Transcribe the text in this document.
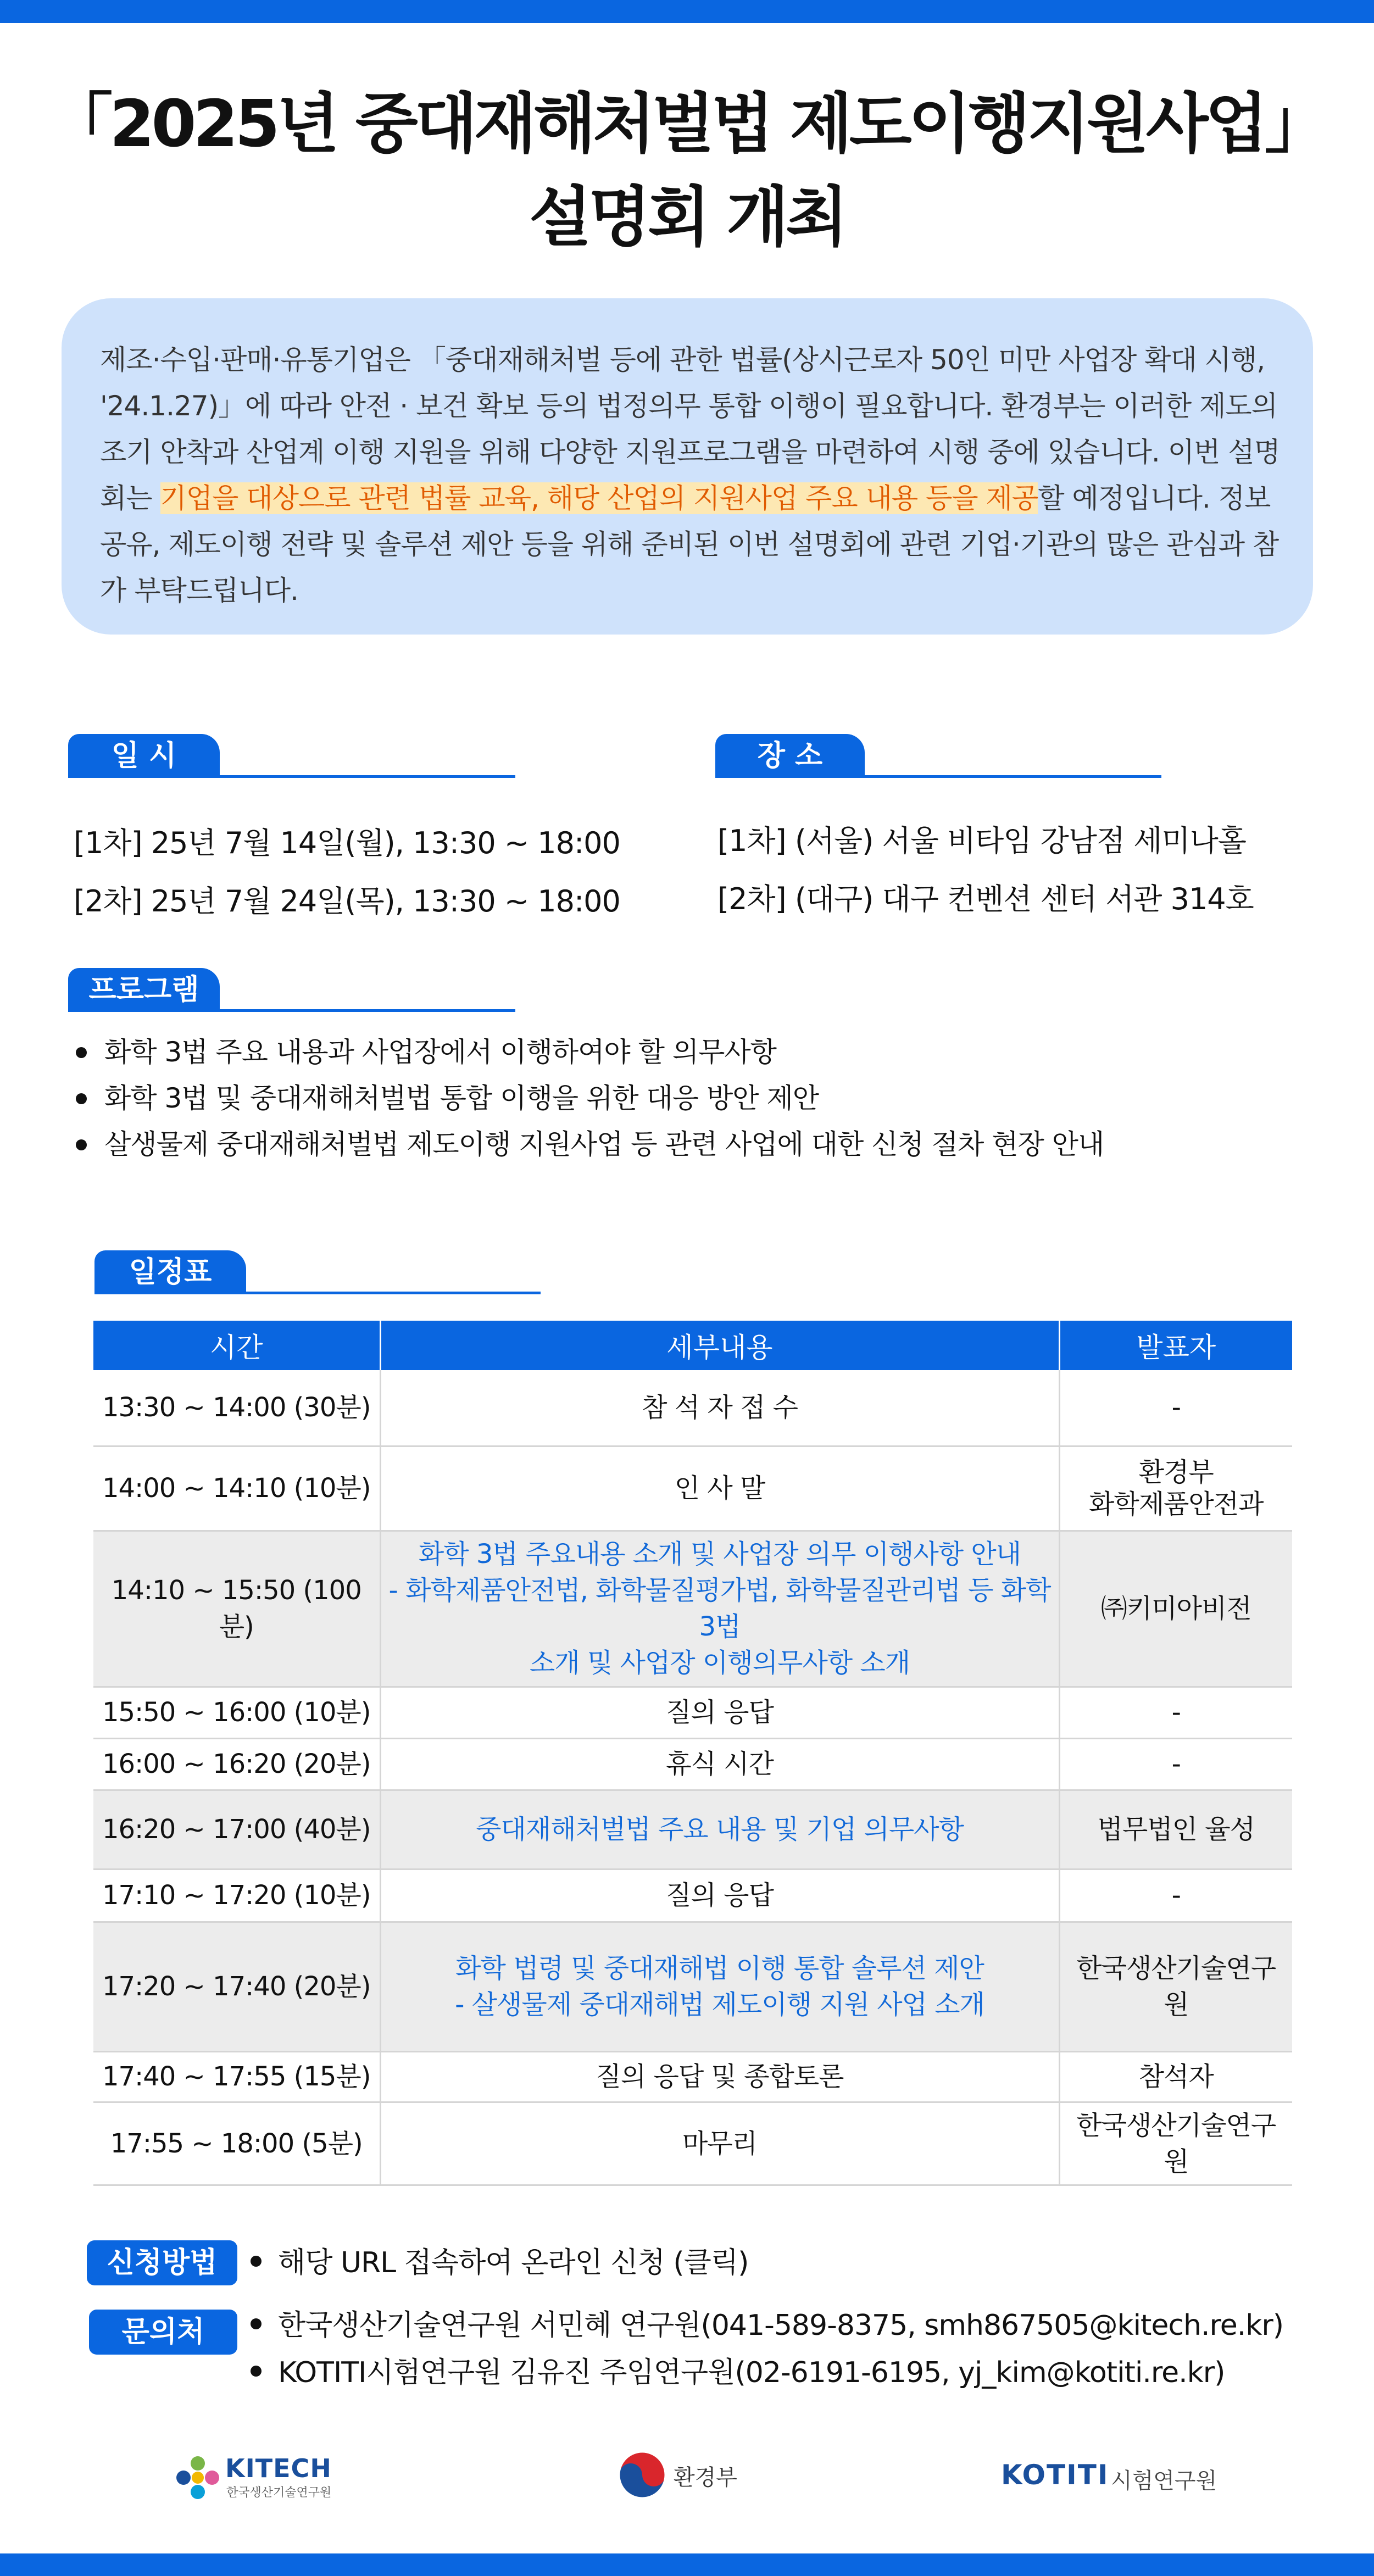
「2025년 중대재해처벌법 제도이행지원사업」
설명회 개최

제조·수입·판매·유통기업은 「중대재해처벌 등에 관한 법률(상시근로자 50인 미만 사업장 확대 시행, '24.1.27)」에 따라 안전 · 보건 확보 등의 법정의무 통합 이행이 필요합니다. 환경부는 이러한 제도의 조기 안착과 산업계 이행 지원을 위해 다양한 지원프로그램을 마련하여 시행 중에 있습니다. 이번 설명회는 기업을 대상으로 관련 법률 교육, 해당 산업의 지원사업 주요 내용 등을 제공할 예정입니다. 정보공유, 제도이행 전략 및 솔루션 제안 등을 위해 준비된 이번 설명회에 관련 기업·기관의 많은 관심과 참가 부탁드립니다.

일 시
[1차] 25년 7월 14일(월), 13:30 ~ 18:00
[2차] 25년 7월 24일(목), 13:30 ~ 18:00
장 소
[1차] (서울) 서울 비타임 강남점 세미나홀
[2차] (대구) 대구 컨벤션 센터 서관 314호
프로그램
화학 3법 주요 내용과 사업장에서 이행하여야 할 의무사항
화학 3법 및 중대재해처벌법 통합 이행을 위한 대응 방안 제안
살생물제 중대재해처벌법 제도이행 지원사업 등 관련 사업에 대한 신청 절차 현장 안내
일정표
시간	세부내용	발표자
13:30 ~ 14:00 (30분)	참 석 자 접 수	-
14:00 ~ 14:10 (10분)	인 사 말	환경부
화학제품안전과
14:10 ~ 15:50 (100분)	화학 3법 주요내용 소개 및 사업장 의무 이행사항 안내
- 화학제품안전법, 화학물질평가법, 화학물질관리법 등 화학 3법
소개 및 사업장 이행의무사항 소개	㈜키미아비전
15:50 ~ 16:00 (10분)	질의 응답	-
16:00 ~ 16:20 (20분)	휴식 시간	-
16:20 ~ 17:00 (40분)	중대재해처벌법 주요 내용 및 기업 의무사항	법무법인 율성
17:10 ~ 17:20 (10분)	질의 응답	-
17:20 ~ 17:40 (20분)	화학 법령 및 중대재해법 이행 통합 솔루션 제안
- 살생물제 중대재해법 제도이행 지원 사업 소개	한국생산기술연구원
17:40 ~ 17:55 (15분)	질의 응답 및 종합토론	참석자
17:55 ~ 18:00 (5분)	마무리	한국생산기술연구원
신청방법	해당 URL 접속하여 온라인 신청 (클릭)
문의처	한국생산기술연구원 서민혜 연구원(041-589-8375, smh867505@kitech.re.kr)
KOTITI시험연구원 김유진 주임연구원(02-6191-6195, yj_kim@kotiti.re.kr)
KITECH
한국생산기술연구원
환경부	KOTITI 시험연구원
